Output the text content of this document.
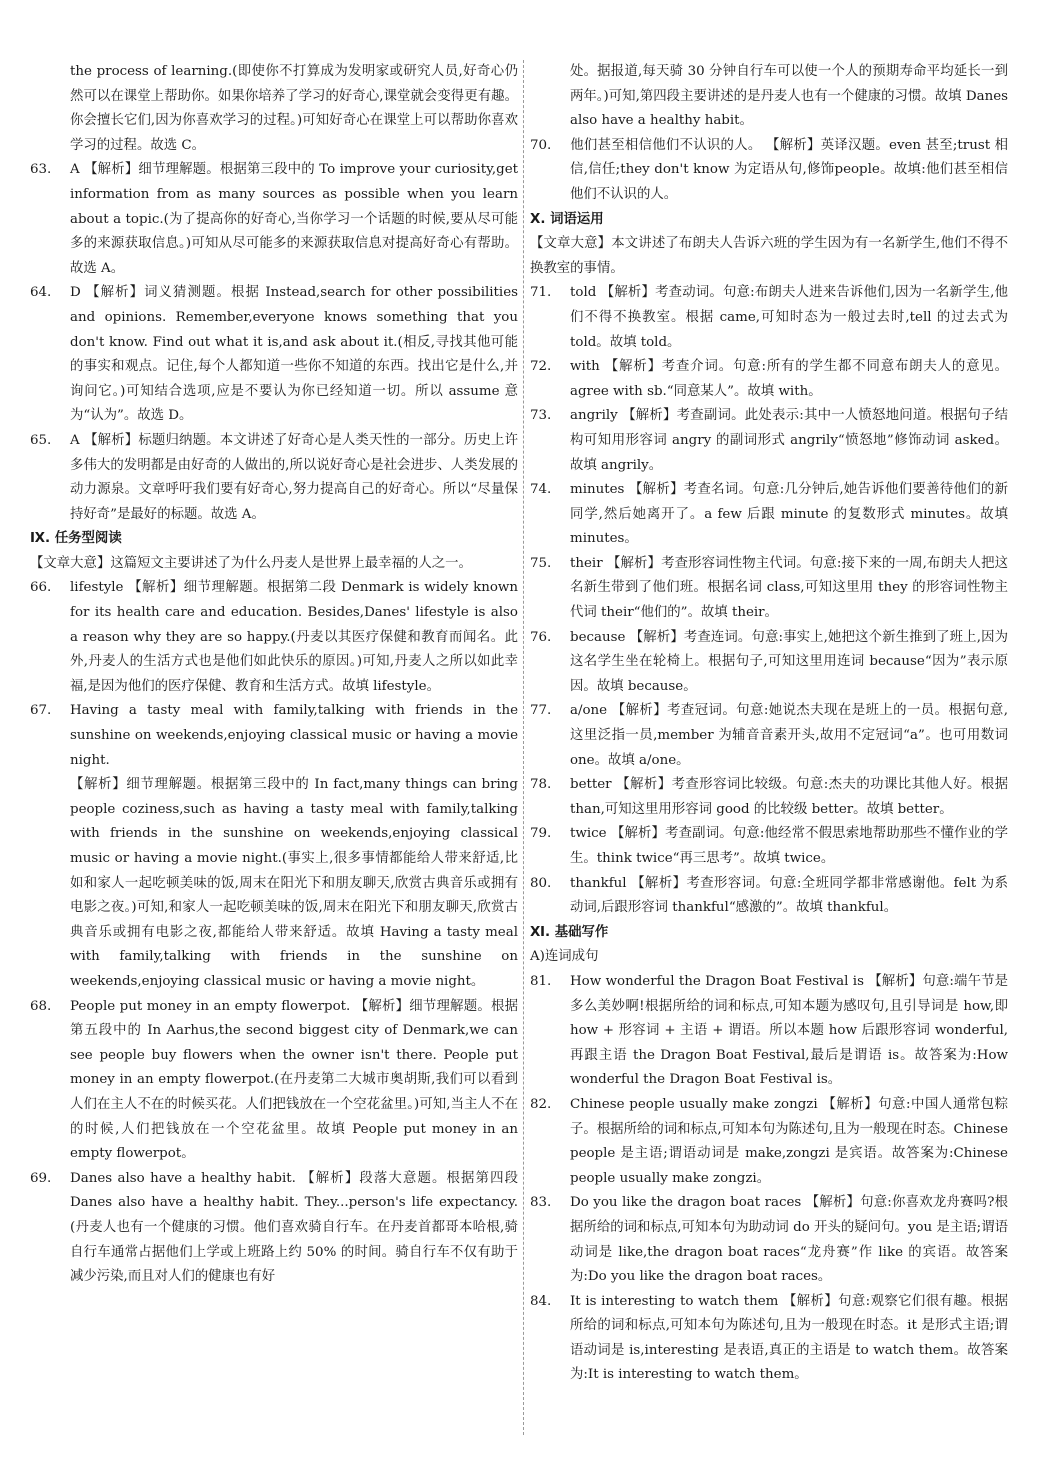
the process of learning.(即使你不打算成为发明家或研究人员,好奇心仍然可以在课堂上帮助你。如果你培养了学习的好奇心,课堂就会变得更有趣。你会擅长它们,因为你喜欢学习的过程。)可知好奇心在课堂上可以帮助你喜欢学习的过程。故选 C。

63. A 【解析】细节理解题。根据第三段中的 To improve your curiosity,get information from as many sources as possible when you learn about a topic.(为了提高你的好奇心,当你学习一个话题的时候,要从尽可能多的来源获取信息。)可知从尽可能多的来源获取信息对提高好奇心有帮助。故选 A。

64. D 【解析】词义猜测题。根据 Instead,search for other possibilities and opinions. Remember,everyone knows something that you don't know. Find out what it is,and ask about it.(相反,寻找其他可能的事实和观点。记住,每个人都知道一些你不知道的东西。找出它是什么,并询问它。)可知结合选项,应是不要认为你已经知道一切。所以 assume 意为“认为”。故选 D。

65. A 【解析】标题归纳题。本文讲述了好奇心是人类天性的一部分。历史上许多伟大的发明都是由好奇的人做出的,所以说好奇心是社会进步、人类发展的动力源泉。文章呼吁我们要有好奇心,努力提高自己的好奇心。所以“尽量保持好奇”是最好的标题。故选 A。

Ⅸ. 任务型阅读

【文章大意】这篇短文主要讲述了为什么丹麦人是世界上最幸福的人之一。

66. lifestyle 【解析】细节理解题。根据第二段 Denmark is widely known for its health care and education. Besides,Danes' lifestyle is also a reason why they are so happy.(丹麦以其医疗保健和教育而闻名。此外,丹麦人的生活方式也是他们如此快乐的原因。)可知,丹麦人之所以如此幸福,是因为他们的医疗保健、教育和生活方式。故填 lifestyle。

67. Having a tasty meal with family,talking with friends in the sunshine on weekends,enjoying classical music or having a movie night.

【解析】细节理解题。根据第三段中的 In fact,many things can bring people coziness,such as having a tasty meal with family,talking with friends in the sunshine on weekends,enjoying classical music or having a movie night.(事实上,很多事情都能给人带来舒适,比如和家人一起吃顿美味的饭,周末在阳光下和朋友聊天,欣赏古典音乐或拥有电影之夜。)可知,和家人一起吃顿美味的饭,周末在阳光下和朋友聊天,欣赏古典音乐或拥有电影之夜,都能给人带来舒适。故填 Having a tasty meal with family,talking with friends in the sunshine on weekends,enjoying classical music or having a movie night。

68. People put money in an empty flowerpot. 【解析】细节理解题。根据第五段中的 In Aarhus,the second biggest city of Denmark,we can see people buy flowers when the owner isn't there. People put money in an empty flowerpot.(在丹麦第二大城市奥胡斯,我们可以看到人们在主人不在的时候买花。人们把钱放在一个空花盆里。)可知,当主人不在的时候,人们把钱放在一个空花盆里。故填 People put money in an empty flowerpot。

69. Danes also have a healthy habit. 【解析】段落大意题。根据第四段 Danes also have a healthy habit. They...person's life expectancy.(丹麦人也有一个健康的习惯。他们喜欢骑自行车。在丹麦首都哥本哈根,骑自行车通常占据他们上学或上班路上约 50% 的时间。骑自行车不仅有助于减少污染,而且对人们的健康也有好

处。据报道,每天骑 30 分钟自行车可以使一个人的预期寿命平均延长一到两年。)可知,第四段主要讲述的是丹麦人也有一个健康的习惯。故填 Danes also have a healthy habit。

70. 他们甚至相信他们不认识的人。 【解析】英译汉题。even 甚至;trust 相信,信任;they don't know 为定语从句,修饰people。故填:他们甚至相信他们不认识的人。

Ⅹ. 词语运用

【文章大意】本文讲述了布朗夫人告诉六班的学生因为有一名新学生,他们不得不换教室的事情。

71. told 【解析】考查动词。句意:布朗夫人进来告诉他们,因为一名新学生,他们不得不换教室。根据 came,可知时态为一般过去时,tell 的过去式为 told。故填 told。

72. with 【解析】考查介词。句意:所有的学生都不同意布朗夫人的意见。agree with sb.“同意某人”。故填 with。

73. angrily 【解析】考查副词。此处表示:其中一人愤怒地问道。根据句子结构可知用形容词 angry 的副词形式 angrily“愤怒地”修饰动词 asked。故填 angrily。

74. minutes 【解析】考查名词。句意:几分钟后,她告诉他们要善待他们的新同学,然后她离开了。a few 后跟 minute 的复数形式 minutes。故填 minutes。

75. their 【解析】考查形容词性物主代词。句意:接下来的一周,布朗夫人把这名新生带到了他们班。根据名词 class,可知这里用 they 的形容词性物主代词 their“他们的”。故填 their。

76. because 【解析】考查连词。句意:事实上,她把这个新生推到了班上,因为这名学生坐在轮椅上。根据句子,可知这里用连词 because“因为”表示原因。故填 because。

77. a/one 【解析】考查冠词。句意:她说杰夫现在是班上的一员。根据句意,这里泛指一员,member 为辅音音素开头,故用不定冠词“a”。也可用数词 one。故填 a/one。

78. better 【解析】考查形容词比较级。句意:杰夫的功课比其他人好。根据 than,可知这里用形容词 good 的比较级 better。故填 better。

79. twice 【解析】考查副词。句意:他经常不假思索地帮助那些不懂作业的学生。think twice“再三思考”。故填 twice。

80. thankful 【解析】考查形容词。句意:全班同学都非常感谢他。felt 为系动词,后跟形容词 thankful“感激的”。故填 thankful。

Ⅺ. 基础写作

A)连词成句

81. How wonderful the Dragon Boat Festival is 【解析】句意:端午节是多么美妙啊!根据所给的词和标点,可知本题为感叹句,且引导词是 how,即 how + 形容词 + 主语 + 谓语。所以本题 how 后跟形容词 wonderful,再跟主语 the Dragon Boat Festival,最后是谓语 is。故答案为:How wonderful the Dragon Boat Festival is。

82. Chinese people usually make zongzi 【解析】句意:中国人通常包粽子。根据所给的词和标点,可知本句为陈述句,且为一般现在时态。Chinese people 是主语;谓语动词是 make,zongzi 是宾语。故答案为:Chinese people usually make zongzi。

83. Do you like the dragon boat races 【解析】句意:你喜欢龙舟赛吗?根据所给的词和标点,可知本句为助动词 do 开头的疑问句。you 是主语;谓语动词是 like,the dragon boat races“龙舟赛”作 like 的宾语。故答案为:Do you like the dragon boat races。

84. It is interesting to watch them 【解析】句意:观察它们很有趣。根据所给的词和标点,可知本句为陈述句,且为一般现在时态。it 是形式主语;谓语动词是 is,interesting 是表语,真正的主语是 to watch them。故答案为:It is interesting to watch them。
